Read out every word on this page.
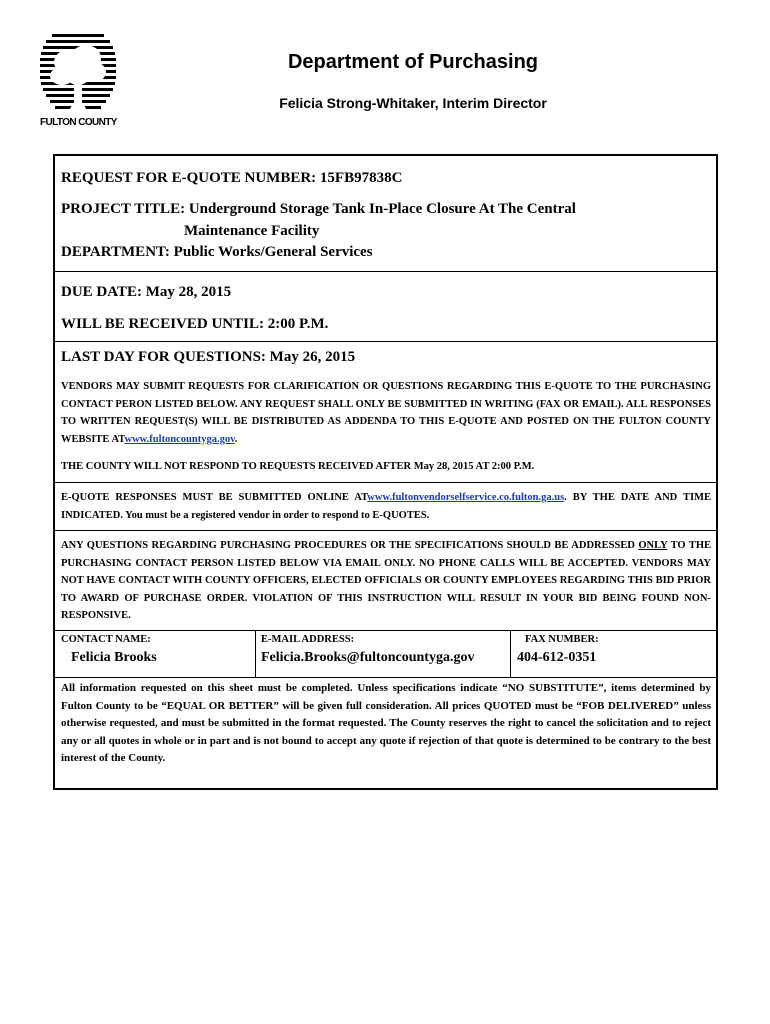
FULTON COUNTY
Department of Purchasing
Felicia Strong-Whitaker, Interim Director
REQUEST FOR E-QUOTE NUMBER: 15FB97838C
PROJECT TITLE: Underground Storage Tank In-Place Closure At The Central
Maintenance Facility
DEPARTMENT: Public Works/General Services
DUE DATE: May 28, 2015
WILL BE RECEIVED UNTIL: 2:00 P.M.
LAST DAY FOR QUESTIONS: May 26, 2015
VENDORS MAY SUBMIT REQUESTS FOR CLARIFICATION OR QUESTIONS REGARDING THIS E-QUOTE TO THE PURCHASING CONTACT PERON LISTED BELOW. ANY REQUEST SHALL ONLY BE SUBMITTED IN WRITING (FAX OR EMAIL). ALL RESPONSES TO WRITTEN REQUEST(S) WILL BE DISTRIBUTED AS ADDENDA TO THIS E-QUOTE AND POSTED ON THE FULTON COUNTY WEBSITE ATwww.fultoncountyga.gov.
THE COUNTY WILL NOT RESPOND TO REQUESTS RECEIVED AFTER May 28, 2015 AT 2:00 P.M.
E-QUOTE RESPONSES MUST BE SUBMITTED ONLINE ATwww.fultonvendorselfservice.co.fulton.ga.us. BY THE DATE AND TIME INDICATED. You must be a registered vendor in order to respond to E-QUOTES.
ANY QUESTIONS REGARDING PURCHASING PROCEDURES OR THE SPECIFICATIONS SHOULD BE ADDRESSED ONLY TO THE PURCHASING CONTACT PERSON LISTED BELOW VIA EMAIL ONLY. NO PHONE CALLS WILL BE ACCEPTED. VENDORS MAY NOT HAVE CONTACT WITH COUNTY OFFICERS, ELECTED OFFICIALS OR COUNTY EMPLOYEES REGARDING THIS BID PRIOR TO AWARD OF PURCHASE ORDER. VIOLATION OF THIS INSTRUCTION WILL RESULT IN YOUR BID BEING FOUND NON-RESPONSIVE.
CONTACT NAME:
Felicia Brooks
E-MAIL ADDRESS:
Felicia.Brooks@fultoncountyga.gov
FAX NUMBER:
404-612-0351
All information requested on this sheet must be completed. Unless specifications indicate “NO SUBSTITUTE”, items determined by Fulton County to be “EQUAL OR BETTER” will be given full consideration. All prices QUOTED must be “FOB DELIVERED” unless otherwise requested, and must be submitted in the format requested. The County reserves the right to cancel the solicitation and to reject any or all quotes in whole or in part and is not bound to accept any quote if rejection of that quote is determined to be contrary to the best interest of the County.
